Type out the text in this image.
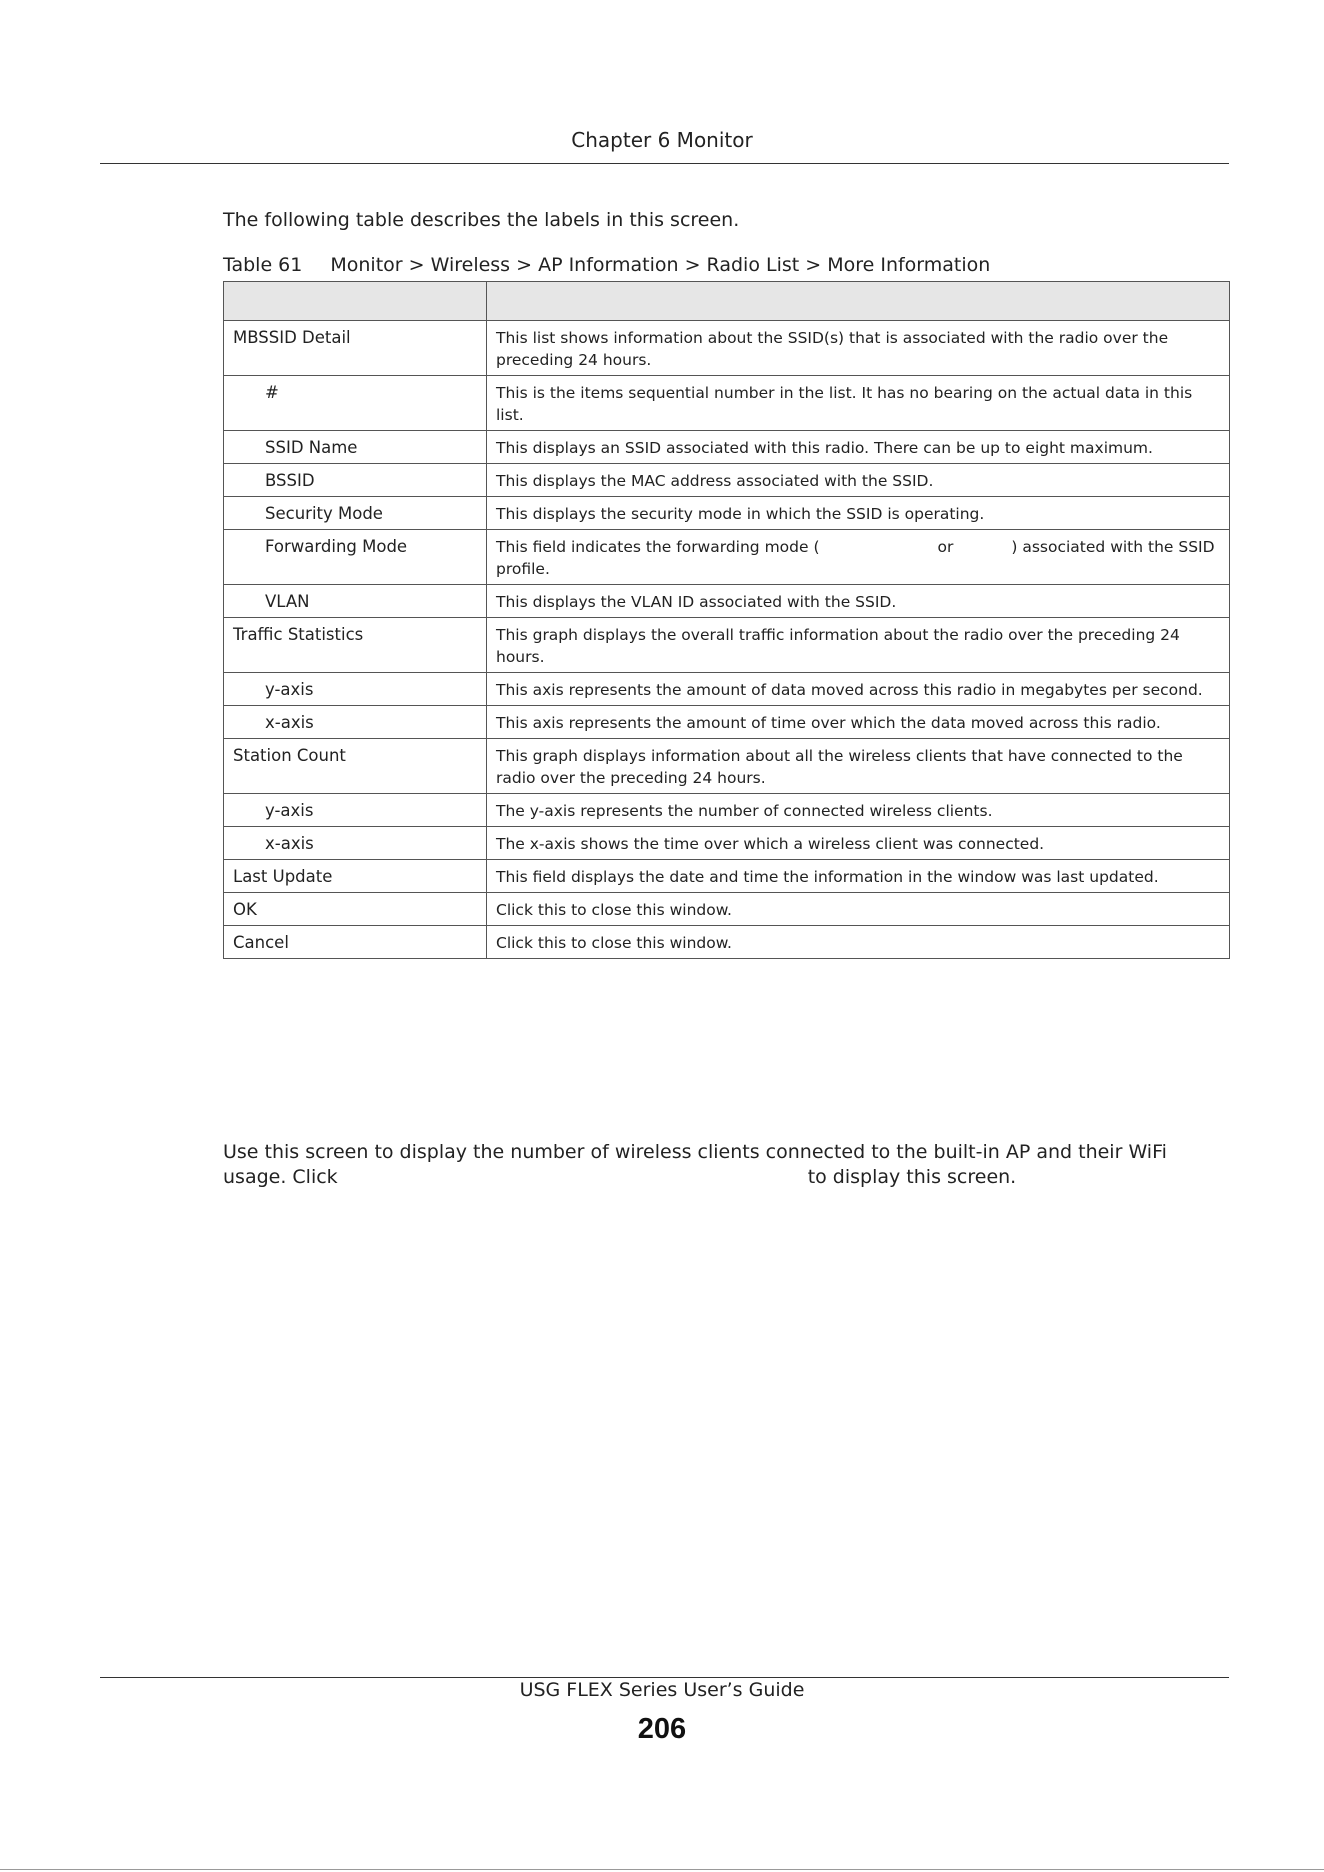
Chapter 6 Monitor
The following table describes the labels in this screen.
Table 61 Monitor > Wireless > AP Information > Radio List > More Information

MBSSID Detail	This list shows information about the SSID(s) that is associated with the radio over the preceding 24 hours.
#	This is the items sequential number in the list. It has no bearing on the actual data in this list.
SSID Name	This displays an SSID associated with this radio. There can be up to eight maximum.
BSSID	This displays the MAC address associated with the SSID.
Security Mode	This displays the security mode in which the SSID is operating.
Forwarding Mode	This field indicates the forwarding mode ( or ) associated with the SSID profile.
VLAN	This displays the VLAN ID associated with the SSID.
Traffic Statistics	This graph displays the overall traffic information about the radio over the preceding 24 hours.
y-axis	This axis represents the amount of data moved across this radio in megabytes per second.
x-axis	This axis represents the amount of time over which the data moved across this radio.
Station Count	This graph displays information about all the wireless clients that have connected to the radio over the preceding 24 hours.
y-axis	The y-axis represents the number of connected wireless clients.
x-axis	The x-axis shows the time over which a wireless client was connected.
Last Update	This field displays the date and time the information in the window was last updated.
OK	Click this to close this window.
Cancel	Click this to close this window.
Use this screen to display the number of wireless clients connected to the built-in AP and their WiFi
usage. Click	to display this screen.
USG FLEX Series User’s Guide
206
